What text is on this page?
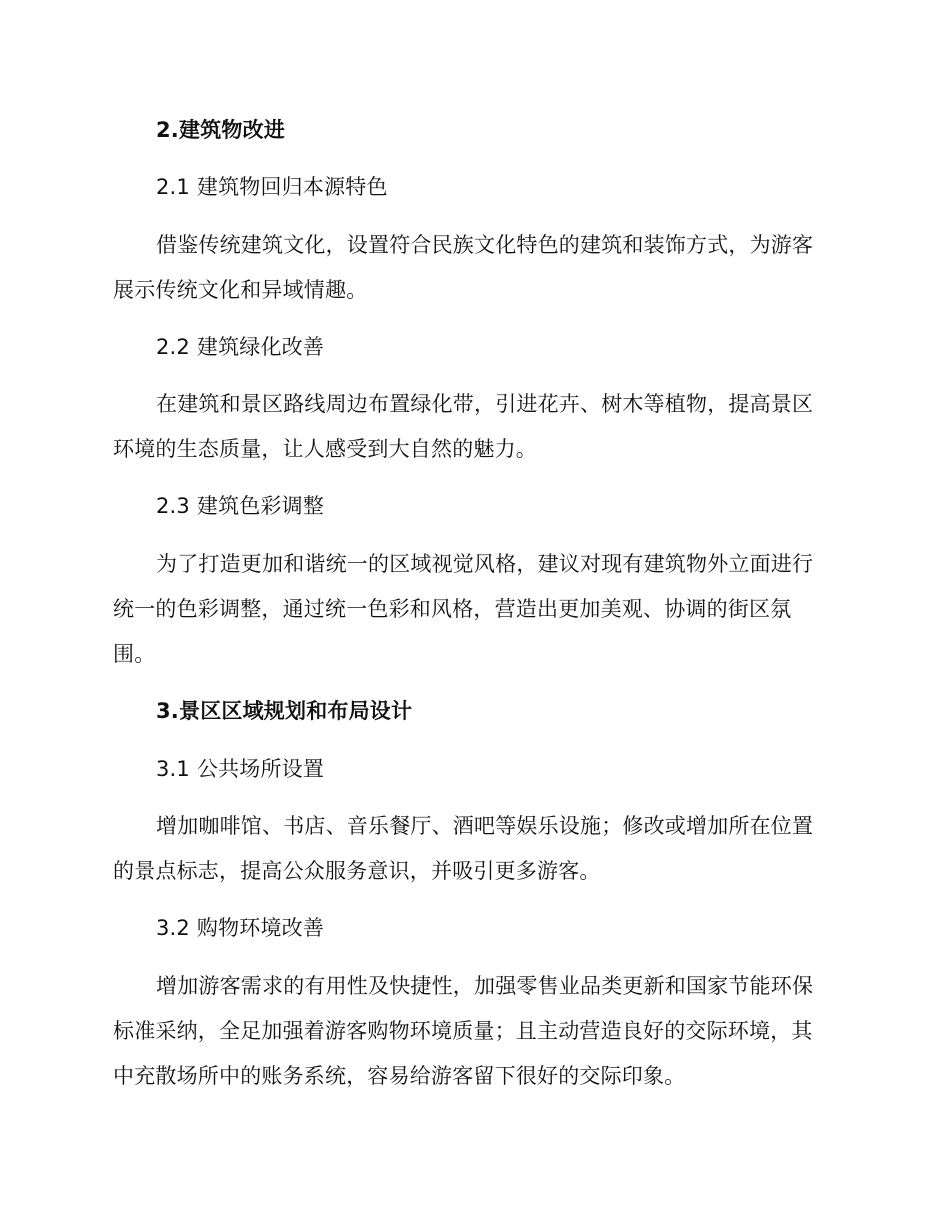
2.建筑物改进
2.1 建筑物回归本源特色
借鉴传统建筑文化，设置符合民族文化特色的建筑和装饰方式，为游客
展示传统文化和异域情趣。
2.2 建筑绿化改善
在建筑和景区路线周边布置绿化带，引进花卉、树木等植物，提高景区
环境的生态质量，让人感受到大自然的魅力。
2.3 建筑色彩调整
为了打造更加和谐统一的区域视觉风格，建议对现有建筑物外立面进行
统一的色彩调整，通过统一色彩和风格，营造出更加美观、协调的街区氛
围。
3.景区区域规划和布局设计
3.1 公共场所设置
增加咖啡馆、书店、音乐餐厅、酒吧等娱乐设施；修改或增加所在位置
的景点标志，提高公众服务意识，并吸引更多游客。
3.2 购物环境改善
增加游客需求的有用性及快捷性，加强零售业品类更新和国家节能环保
标准采纳，全足加强着游客购物环境质量；且主动营造良好的交际环境，其
中充散场所中的账务系统，容易给游客留下很好的交际印象。
